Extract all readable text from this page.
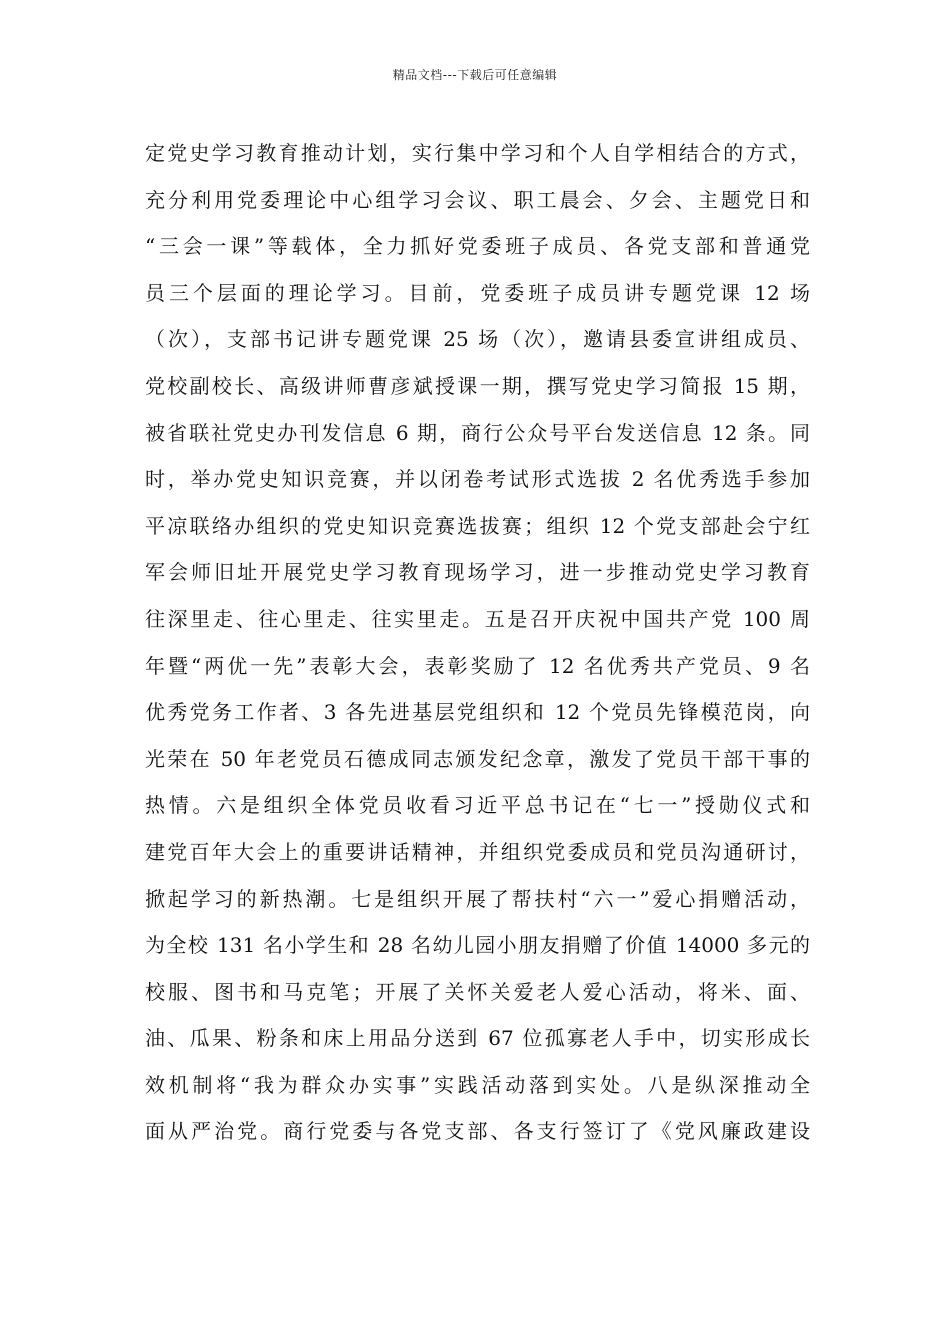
精品文档---下载后可任意编辑
定党史学习教育推动计划，实行集中学习和个人自学相结合的方式，
充分利用党委理论中心组学习会议、职工晨会、夕会、主题党日和
“三会一课”等载体，全力抓好党委班子成员、各党支部和普通党
员三个层面的理论学习。目前，党委班子成员讲专题党课 12 场
（次），支部书记讲专题党课 25 场（次），邀请县委宣讲组成员、
党校副校长、高级讲师曹彦斌授课一期，撰写党史学习简报 15 期，
被省联社党史办刊发信息 6 期，商行公众号平台发送信息 12 条。同
时，举办党史知识竞赛，并以闭卷考试形式选拔 2 名优秀选手参加
平凉联络办组织的党史知识竞赛选拔赛；组织 12 个党支部赴会宁红
军会师旧址开展党史学习教育现场学习，进一步推动党史学习教育
往深里走、往心里走、往实里走。五是召开庆祝中国共产党 100 周
年暨“两优一先”表彰大会，表彰奖励了 12 名优秀共产党员、9 名
优秀党务工作者、3 各先进基层党组织和 12 个党员先锋模范岗，向
光荣在 50 年老党员石德成同志颁发纪念章，激发了党员干部干事的
热情。六是组织全体党员收看习近平总书记在“七一”授勋仪式和
建党百年大会上的重要讲话精神，并组织党委成员和党员沟通研讨，
掀起学习的新热潮。七是组织开展了帮扶村“六一”爱心捐赠活动，
为全校 131 名小学生和 28 名幼儿园小朋友捐赠了价值 14000 多元的
校服、图书和马克笔；开展了关怀关爱老人爱心活动，将米、面、
油、瓜果、粉条和床上用品分送到 67 位孤寡老人手中，切实形成长
效机制将“我为群众办实事”实践活动落到实处。八是纵深推动全
面从严治党。商行党委与各党支部、各支行签订了《党风廉政建设
